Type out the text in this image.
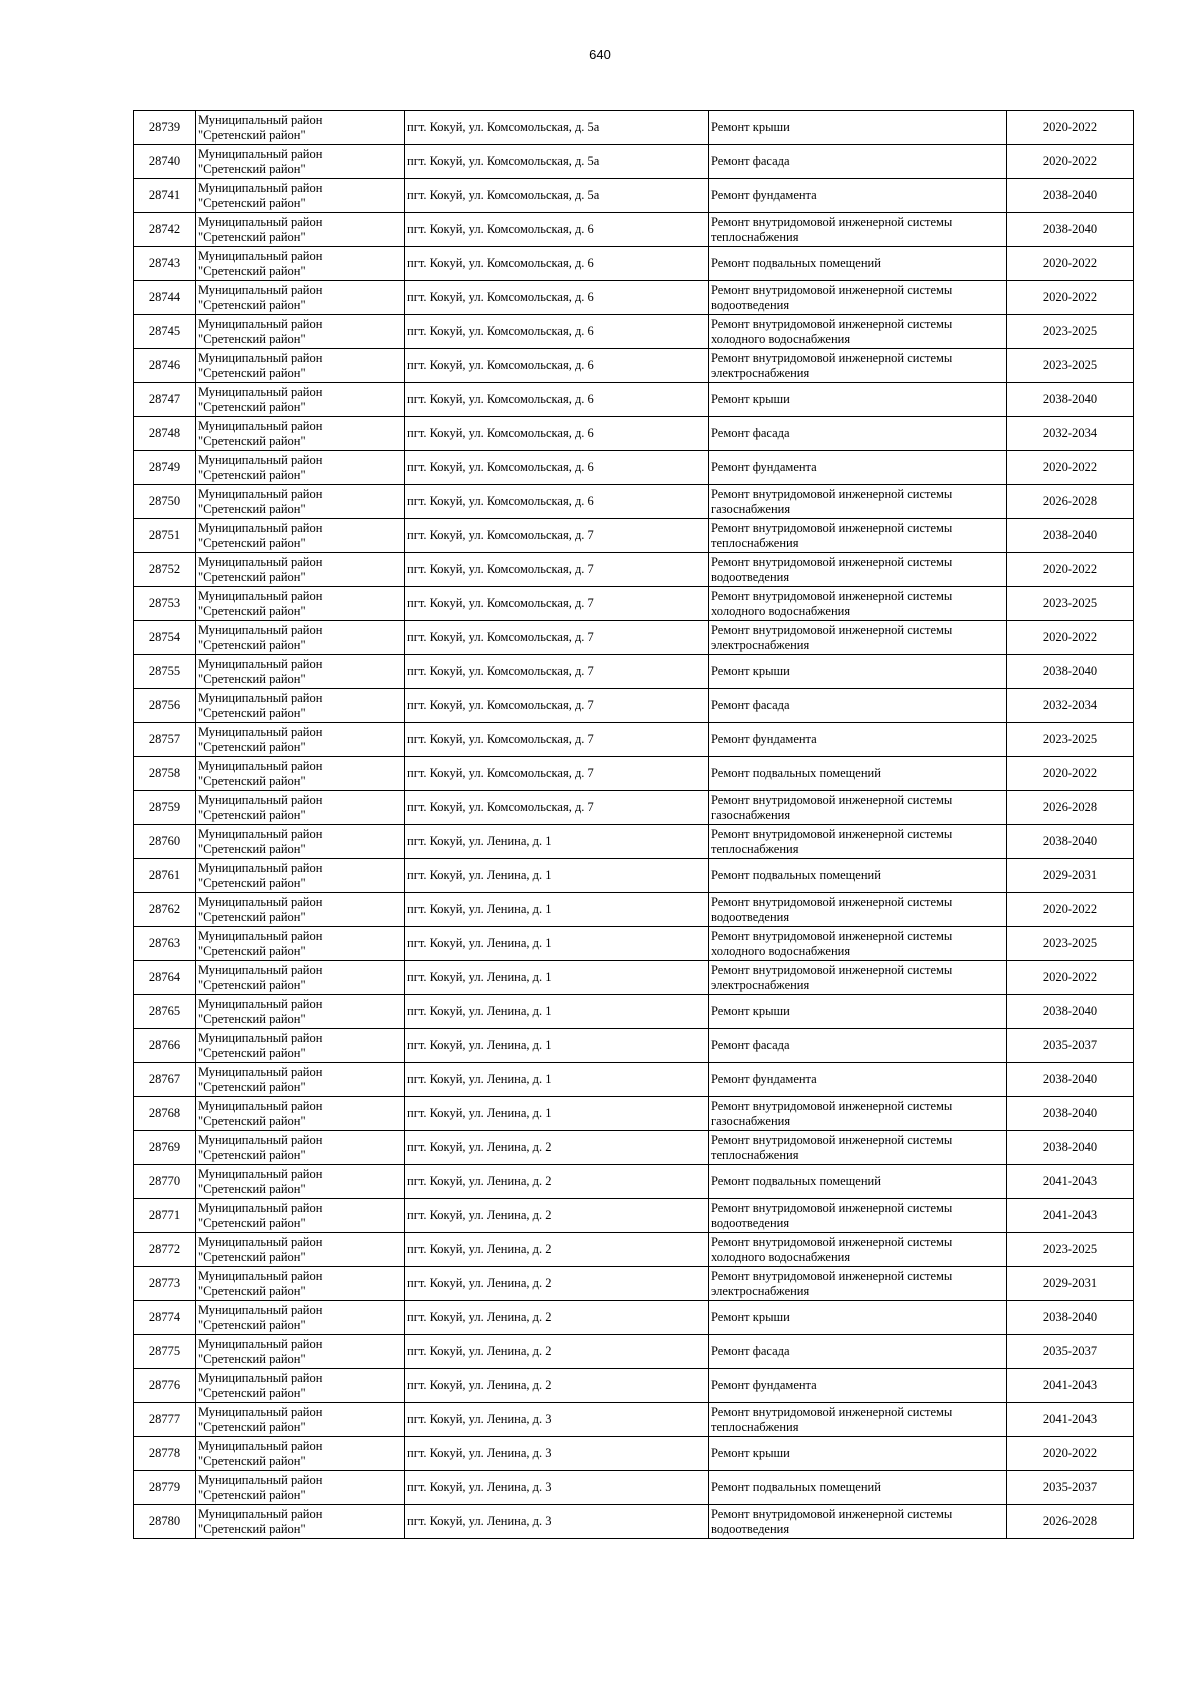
640
28739	Муниципальный район
"Сретенский район"	пгт. Кокуй, ул. Комсомольская, д. 5а	Ремонт крыши	2020-2022
28740	Муниципальный район
"Сретенский район"	пгт. Кокуй, ул. Комсомольская, д. 5а	Ремонт фасада	2020-2022
28741	Муниципальный район
"Сретенский район"	пгт. Кокуй, ул. Комсомольская, д. 5а	Ремонт фундамента	2038-2040
28742	Муниципальный район
"Сретенский район"	пгт. Кокуй, ул. Комсомольская, д. 6	Ремонт внутридомовой инженерной системы
теплоснабжения	2038-2040
28743	Муниципальный район
"Сретенский район"	пгт. Кокуй, ул. Комсомольская, д. 6	Ремонт подвальных помещений	2020-2022
28744	Муниципальный район
"Сретенский район"	пгт. Кокуй, ул. Комсомольская, д. 6	Ремонт внутридомовой инженерной системы
водоотведения	2020-2022
28745	Муниципальный район
"Сретенский район"	пгт. Кокуй, ул. Комсомольская, д. 6	Ремонт внутридомовой инженерной системы
холодного водоснабжения	2023-2025
28746	Муниципальный район
"Сретенский район"	пгт. Кокуй, ул. Комсомольская, д. 6	Ремонт внутридомовой инженерной системы
электроснабжения	2023-2025
28747	Муниципальный район
"Сретенский район"	пгт. Кокуй, ул. Комсомольская, д. 6	Ремонт крыши	2038-2040
28748	Муниципальный район
"Сретенский район"	пгт. Кокуй, ул. Комсомольская, д. 6	Ремонт фасада	2032-2034
28749	Муниципальный район
"Сретенский район"	пгт. Кокуй, ул. Комсомольская, д. 6	Ремонт фундамента	2020-2022
28750	Муниципальный район
"Сретенский район"	пгт. Кокуй, ул. Комсомольская, д. 6	Ремонт внутридомовой инженерной системы
газоснабжения	2026-2028
28751	Муниципальный район
"Сретенский район"	пгт. Кокуй, ул. Комсомольская, д. 7	Ремонт внутридомовой инженерной системы
теплоснабжения	2038-2040
28752	Муниципальный район
"Сретенский район"	пгт. Кокуй, ул. Комсомольская, д. 7	Ремонт внутридомовой инженерной системы
водоотведения	2020-2022
28753	Муниципальный район
"Сретенский район"	пгт. Кокуй, ул. Комсомольская, д. 7	Ремонт внутридомовой инженерной системы
холодного водоснабжения	2023-2025
28754	Муниципальный район
"Сретенский район"	пгт. Кокуй, ул. Комсомольская, д. 7	Ремонт внутридомовой инженерной системы
электроснабжения	2020-2022
28755	Муниципальный район
"Сретенский район"	пгт. Кокуй, ул. Комсомольская, д. 7	Ремонт крыши	2038-2040
28756	Муниципальный район
"Сретенский район"	пгт. Кокуй, ул. Комсомольская, д. 7	Ремонт фасада	2032-2034
28757	Муниципальный район
"Сретенский район"	пгт. Кокуй, ул. Комсомольская, д. 7	Ремонт фундамента	2023-2025
28758	Муниципальный район
"Сретенский район"	пгт. Кокуй, ул. Комсомольская, д. 7	Ремонт подвальных помещений	2020-2022
28759	Муниципальный район
"Сретенский район"	пгт. Кокуй, ул. Комсомольская, д. 7	Ремонт внутридомовой инженерной системы
газоснабжения	2026-2028
28760	Муниципальный район
"Сретенский район"	пгт. Кокуй, ул. Ленина, д. 1	Ремонт внутридомовой инженерной системы
теплоснабжения	2038-2040
28761	Муниципальный район
"Сретенский район"	пгт. Кокуй, ул. Ленина, д. 1	Ремонт подвальных помещений	2029-2031
28762	Муниципальный район
"Сретенский район"	пгт. Кокуй, ул. Ленина, д. 1	Ремонт внутридомовой инженерной системы
водоотведения	2020-2022
28763	Муниципальный район
"Сретенский район"	пгт. Кокуй, ул. Ленина, д. 1	Ремонт внутридомовой инженерной системы
холодного водоснабжения	2023-2025
28764	Муниципальный район
"Сретенский район"	пгт. Кокуй, ул. Ленина, д. 1	Ремонт внутридомовой инженерной системы
электроснабжения	2020-2022
28765	Муниципальный район
"Сретенский район"	пгт. Кокуй, ул. Ленина, д. 1	Ремонт крыши	2038-2040
28766	Муниципальный район
"Сретенский район"	пгт. Кокуй, ул. Ленина, д. 1	Ремонт фасада	2035-2037
28767	Муниципальный район
"Сретенский район"	пгт. Кокуй, ул. Ленина, д. 1	Ремонт фундамента	2038-2040
28768	Муниципальный район
"Сретенский район"	пгт. Кокуй, ул. Ленина, д. 1	Ремонт внутридомовой инженерной системы
газоснабжения	2038-2040
28769	Муниципальный район
"Сретенский район"	пгт. Кокуй, ул. Ленина, д. 2	Ремонт внутридомовой инженерной системы
теплоснабжения	2038-2040
28770	Муниципальный район
"Сретенский район"	пгт. Кокуй, ул. Ленина, д. 2	Ремонт подвальных помещений	2041-2043
28771	Муниципальный район
"Сретенский район"	пгт. Кокуй, ул. Ленина, д. 2	Ремонт внутридомовой инженерной системы
водоотведения	2041-2043
28772	Муниципальный район
"Сретенский район"	пгт. Кокуй, ул. Ленина, д. 2	Ремонт внутридомовой инженерной системы
холодного водоснабжения	2023-2025
28773	Муниципальный район
"Сретенский район"	пгт. Кокуй, ул. Ленина, д. 2	Ремонт внутридомовой инженерной системы
электроснабжения	2029-2031
28774	Муниципальный район
"Сретенский район"	пгт. Кокуй, ул. Ленина, д. 2	Ремонт крыши	2038-2040
28775	Муниципальный район
"Сретенский район"	пгт. Кокуй, ул. Ленина, д. 2	Ремонт фасада	2035-2037
28776	Муниципальный район
"Сретенский район"	пгт. Кокуй, ул. Ленина, д. 2	Ремонт фундамента	2041-2043
28777	Муниципальный район
"Сретенский район"	пгт. Кокуй, ул. Ленина, д. 3	Ремонт внутридомовой инженерной системы
теплоснабжения	2041-2043
28778	Муниципальный район
"Сретенский район"	пгт. Кокуй, ул. Ленина, д. 3	Ремонт крыши	2020-2022
28779	Муниципальный район
"Сретенский район"	пгт. Кокуй, ул. Ленина, д. 3	Ремонт подвальных помещений	2035-2037
28780	Муниципальный район
"Сретенский район"	пгт. Кокуй, ул. Ленина, д. 3	Ремонт внутридомовой инженерной системы
водоотведения	2026-2028
